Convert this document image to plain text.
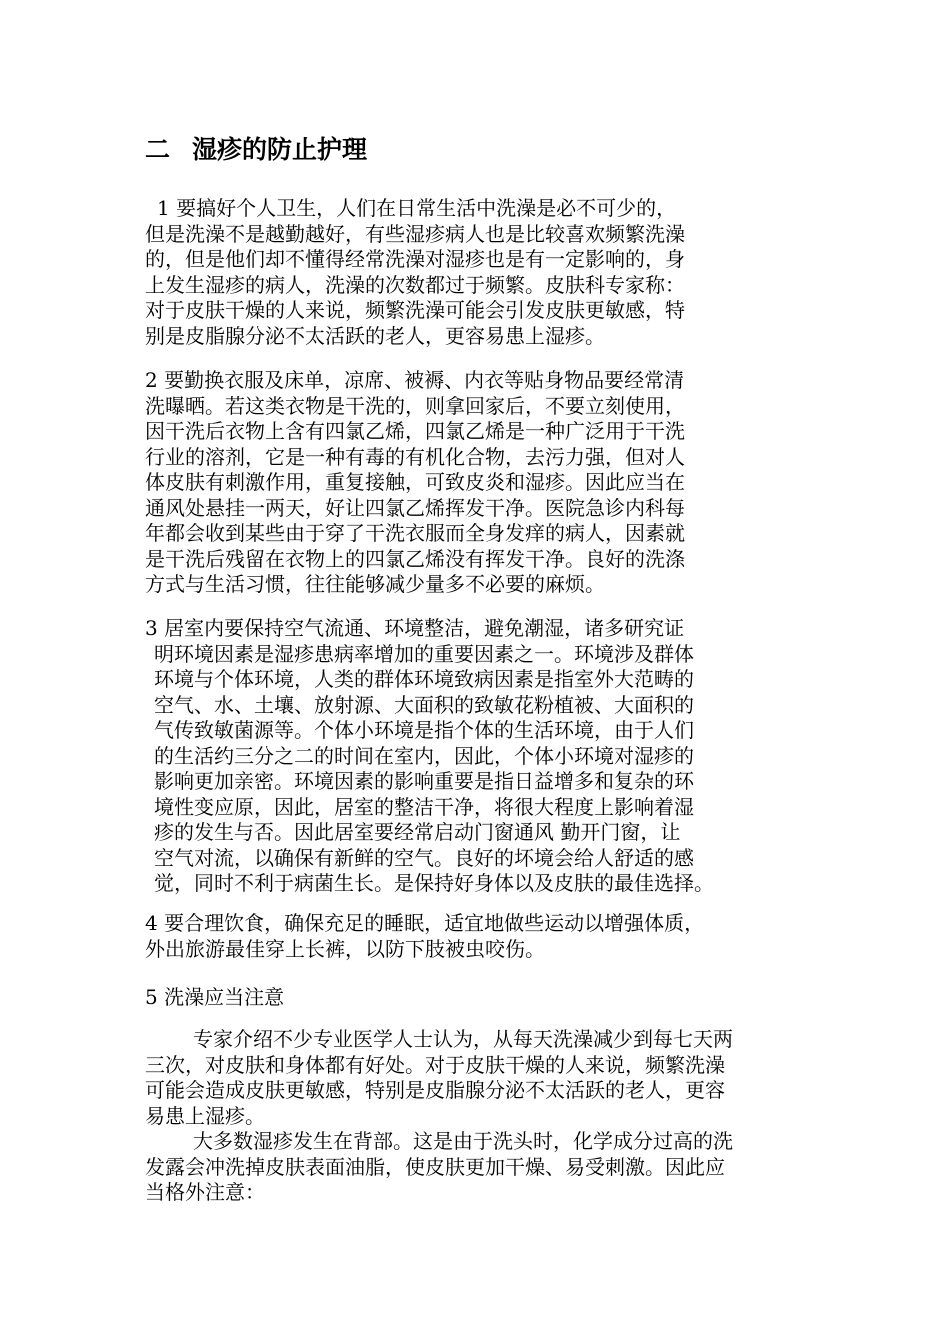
二 湿疹的防止护理
1 要搞好个人卫生，人们在日常生活中洗澡是必不可少的，
但是洗澡不是越勤越好，有些湿疹病人也是比较喜欢频繁洗澡
的，但是他们却不懂得经常洗澡对湿疹也是有一定影响的，身
上发生湿疹的病人，洗澡的次数都过于频繁。皮肤科专家称：
对于皮肤干燥的人来说，频繁洗澡可能会引发皮肤更敏感，特
别是皮脂腺分泌不太活跃的老人，更容易患上湿疹。
2 要勤换衣服及床单，凉席、被褥、内衣等贴身物品要经常清
洗曝晒。若这类衣物是干洗的，则拿回家后，不要立刻使用，
因干洗后衣物上含有四氯乙烯，四氯乙烯是一种广泛用于干洗
行业的溶剂，它是一种有毒的有机化合物，去污力强，但对人
体皮肤有刺激作用，重复接触，可致皮炎和湿疹。因此应当在
通风处悬挂一两天，好让四氯乙烯挥发干净。医院急诊内科每
年都会收到某些由于穿了干洗衣服而全身发痒的病人，因素就
是干洗后残留在衣物上的四氯乙烯没有挥发干净。良好的洗涤
方式与生活习惯，往往能够减少量多不必要的麻烦。
3 居室内要保持空气流通、环境整洁，避免潮湿，诸多研究证
明环境因素是湿疹患病率增加的重要因素之一。环境涉及群体
环境与个体环境，人类的群体环境致病因素是指室外大范畴的
空气、水、土壤、放射源、大面积的致敏花粉植被、大面积的
气传致敏菌源等。个体小环境是指个体的生活环境，由于人们
的生活约三分之二的时间在室内，因此，个体小环境对湿疹的
影响更加亲密。环境因素的影响重要是指日益增多和复杂的环
境性变应原，因此，居室的整洁干净，将很大程度上影响着湿
疹的发生与否。因此居室要经常启动门窗通风 勤开门窗，让
空气对流，以确保有新鲜的空气。良好的坏境会给人舒适的感
觉，同时不利于病菌生长。是保持好身体以及皮肤的最佳选择。
4 要合理饮食，确保充足的睡眠，适宜地做些运动以增强体质，
外出旅游最佳穿上长裤，以防下肢被虫咬伤。
5 洗澡应当注意
专家介绍不少专业医学人士认为，从每天洗澡减少到每七天两
三次，对皮肤和身体都有好处。对于皮肤干燥的人来说，频繁洗澡
可能会造成皮肤更敏感，特别是皮脂腺分泌不太活跃的老人，更容
易患上湿疹。
大多数湿疹发生在背部。这是由于洗头时，化学成分过高的洗
发露会冲洗掉皮肤表面油脂，使皮肤更加干燥、易受刺激。因此应
当格外注意：
